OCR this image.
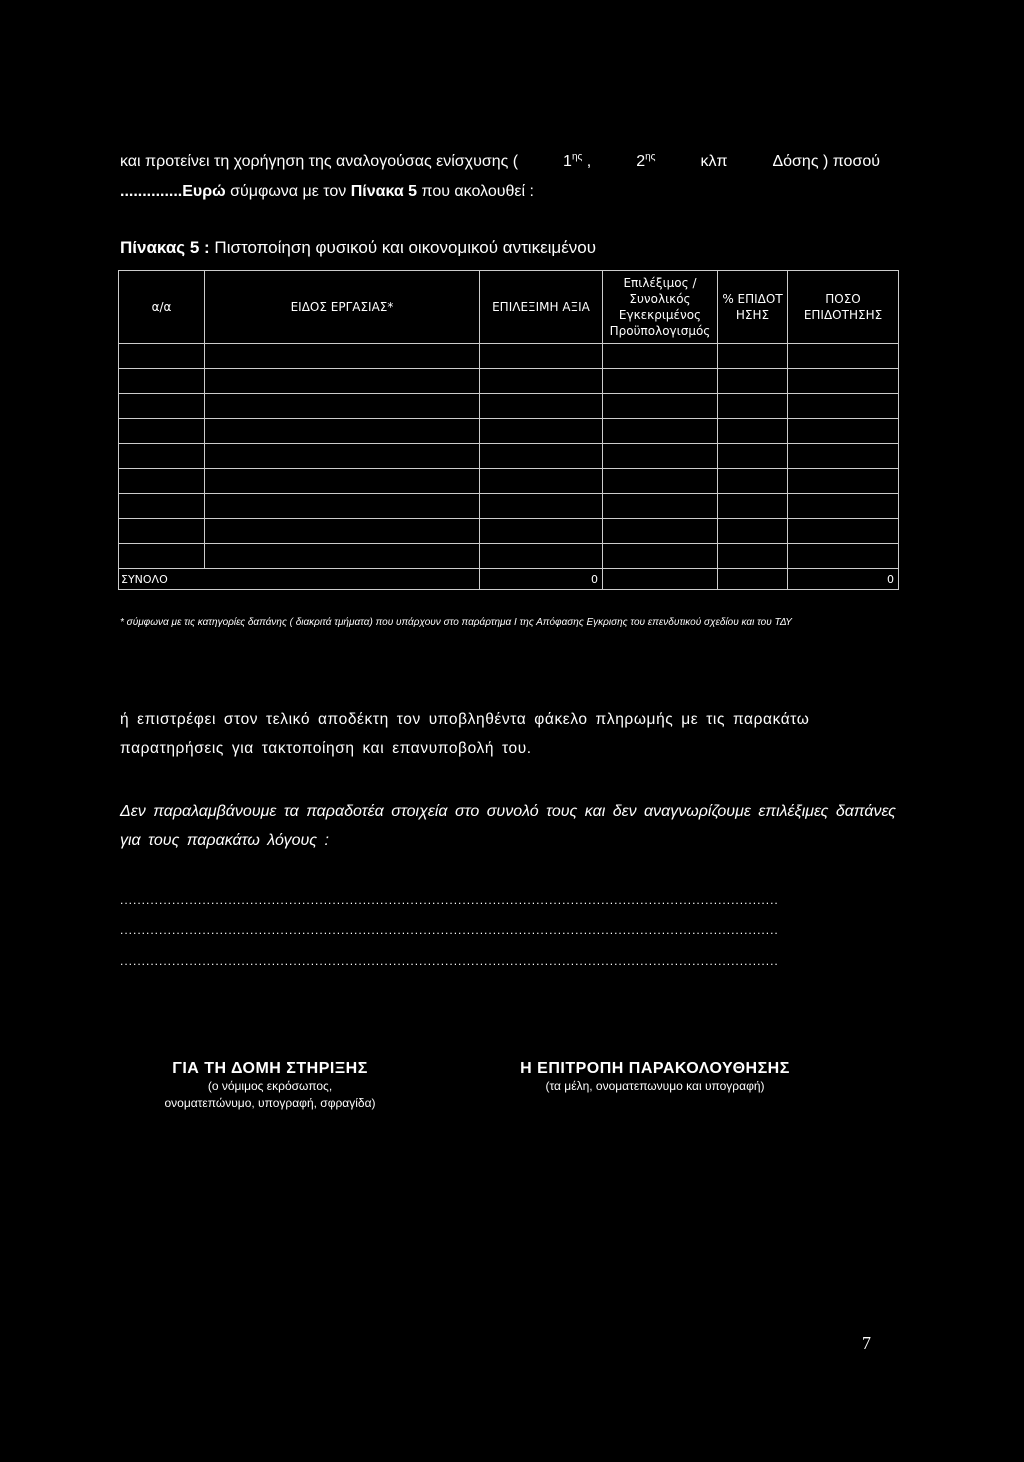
και προτείνει τη χορήγηση της αναλογούσας ενίσχυσης (	$1^{\eta\varsigma}$ ,	$2^{\eta\varsigma}$	κλπ	Δόσης ) ποσού
..............Ευρώ σύμφωνα με τον Πίνακα 5 που ακολουθεί :
Πίνακας 5 : Πιστοποίηση φυσικού και οικονομικού αντικειμένου
α/α	ΕΙΔΟΣ ΕΡΓΑΣΙΑΣ*	ΕΠΙΛΕΞΙΜΗ ΑΞΙΑ	Επιλέξιμος / Συνολικός Εγκεκριμένος Προϋπολογισμός	% ΕΠΙΔΟΤ ΗΣΗΣ	ΠΟΣΟ ΕΠΙΔΟΤΗΣΗΣ

ΣΥΝΟΛΟ		0			0
* σύμφωνα με τις κατηγορίες δαπάνης ( διακριτά τμήματα) που υπάρχουν στο παράρτημα I της Απόφασης Εγκρισης του επενδυτικού σχεδίου και του ΤΔΥ
ή επιστρέφει στον τελικό αποδέκτη τον υποβληθέντα φάκελο πληρωμής με τις παρακάτω παρατηρήσεις για τακτοποίηση και επανυποβολή του.
Δεν παραλαμβάνουμε τα παραδοτέα στοιχεία στο συνολό τους και δεν αναγνωρίζουμε επιλέξιμες δαπάνες για τους παρακάτω λόγους :
........................................................................................................................................................
........................................................................................................................................................
........................................................................................................................................................
ΓΙΑ ΤΗ ΔΟΜΗ ΣΤΗΡΙΞΗΣ
(ο νόμιμος εκρόσωπος,
ονοματεπώνυμο, υπογραφή, σφραγίδα)
Η ΕΠΙΤΡΟΠΗ ΠΑΡΑΚΟΛΟΥΘΗΣΗΣ
(τα μέλη, ονοματεπωνυμο και υπογραφή)
7
